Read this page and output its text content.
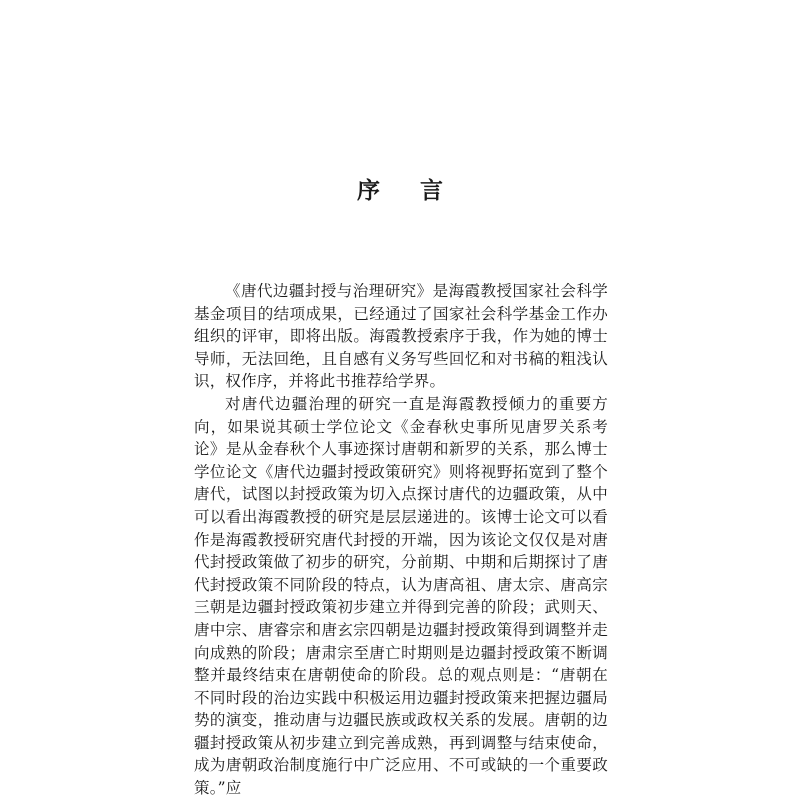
序 言

《唐代边疆封授与治理研究》是海霞教授国家社会科学基金项目的结项成果，已经通过了国家社会科学基金工作办组织的评审，即将出版。海霞教授索序于我，作为她的博士导师，无法回绝，且自感有义务写些回忆和对书稿的粗浅认识，权作序，并将此书推荐给学界。

对唐代边疆治理的研究一直是海霞教授倾力的重要方向，如果说其硕士学位论文《金春秋史事所见唐罗关系考论》是从金春秋个人事迹探讨唐朝和新罗的关系，那么博士学位论文《唐代边疆封授政策研究》则将视野拓宽到了整个唐代，试图以封授政策为切入点探讨唐代的边疆政策，从中可以看出海霞教授的研究是层层递进的。该博士论文可以看作是海霞教授研究唐代封授的开端，因为该论文仅仅是对唐代封授政策做了初步的研究，分前期、中期和后期探讨了唐代封授政策不同阶段的特点，认为唐高祖、唐太宗、唐高宗三朝是边疆封授政策初步建立并得到完善的阶段；武则天、唐中宗、唐睿宗和唐玄宗四朝是边疆封授政策得到调整并走向成熟的阶段；唐肃宗至唐亡时期则是边疆封授政策不断调整并最终结束在唐朝使命的阶段。总的观点则是：“唐朝在不同时段的治边实践中积极运用边疆封授政策来把握边疆局势的演变，推动唐与边疆民族或政权关系的发展。唐朝的边疆封授政策从初步建立到完善成熟，再到调整与结束使命，成为唐朝政治制度施行中广泛应用、不可或缺的一个重要政策。”应
